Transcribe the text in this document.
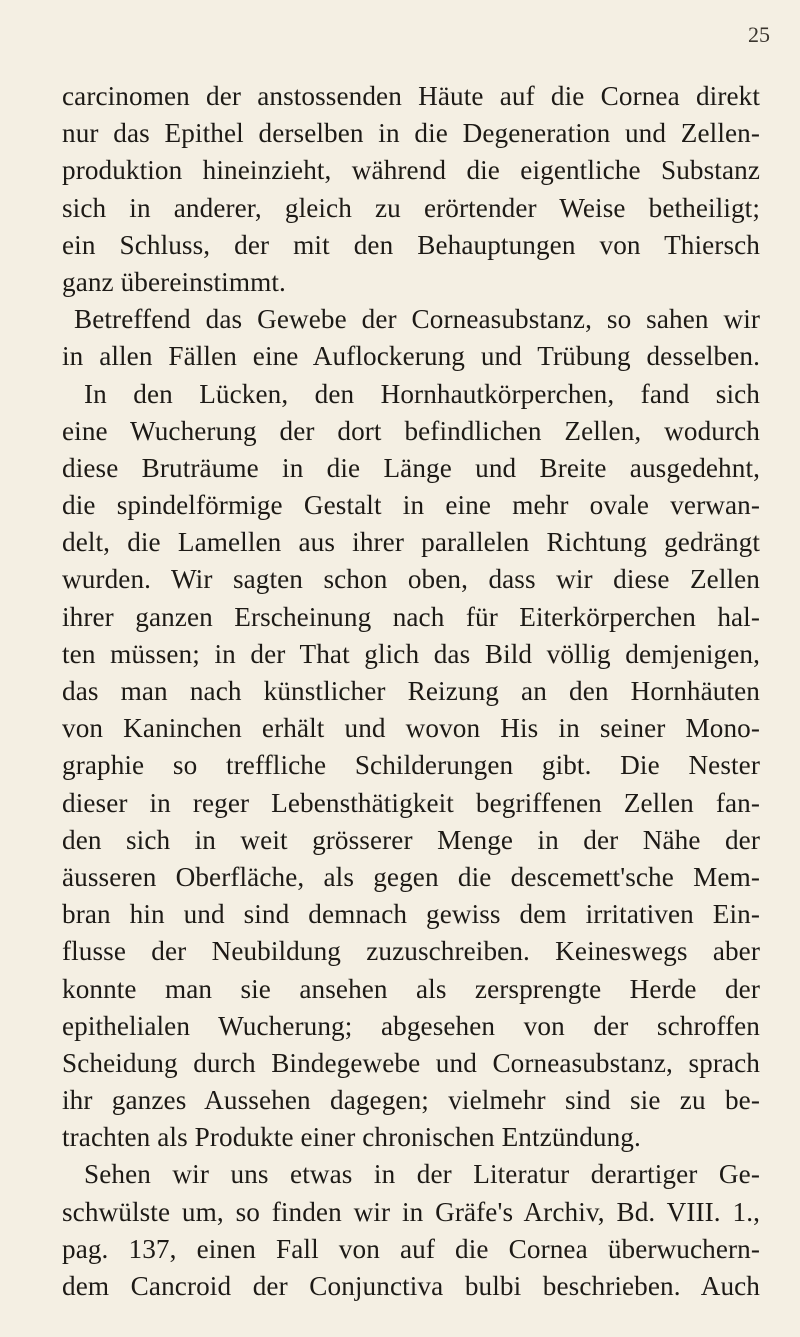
25
carcinomen der anstossenden Häute auf die Cornea direkt
nur das Epithel derselben in die Degeneration und Zellen-
produktion hineinzieht, während die eigentliche Substanz
sich in anderer, gleich zu erörtender Weise betheiligt;
ein Schluss, der mit den Behauptungen von Thiersch
ganz übereinstimmt.
Betreffend das Gewebe der Corneasubstanz, so sahen wir
in allen Fällen eine Auflockerung und Trübung desselben.
In den Lücken, den Hornhautkörperchen, fand sich
eine Wucherung der dort befindlichen Zellen, wodurch
diese Bruträume in die Länge und Breite ausgedehnt,
die spindelförmige Gestalt in eine mehr ovale verwan-
delt, die Lamellen aus ihrer parallelen Richtung gedrängt
wurden. Wir sagten schon oben, dass wir diese Zellen
ihrer ganzen Erscheinung nach für Eiterkörperchen hal-
ten müssen; in der That glich das Bild völlig demjenigen,
das man nach künstlicher Reizung an den Hornhäuten
von Kaninchen erhält und wovon His in seiner Mono-
graphie so treffliche Schilderungen gibt. Die Nester
dieser in reger Lebensthätigkeit begriffenen Zellen fan-
den sich in weit grösserer Menge in der Nähe der
äusseren Oberfläche, als gegen die descemett'sche Mem-
bran hin und sind demnach gewiss dem irritativen Ein-
flusse der Neubildung zuzuschreiben. Keineswegs aber
konnte man sie ansehen als zersprengte Herde der
epithelialen Wucherung; abgesehen von der schroffen
Scheidung durch Bindegewebe und Corneasubstanz, sprach
ihr ganzes Aussehen dagegen; vielmehr sind sie zu be-
trachten als Produkte einer chronischen Entzündung.
Sehen wir uns etwas in der Literatur derartiger Ge-
schwülste um, so finden wir in Gräfe's Archiv, Bd. VIII. 1.,
pag. 137, einen Fall von auf die Cornea überwuchern-
dem Cancroid der Conjunctiva bulbi beschrieben. Auch
